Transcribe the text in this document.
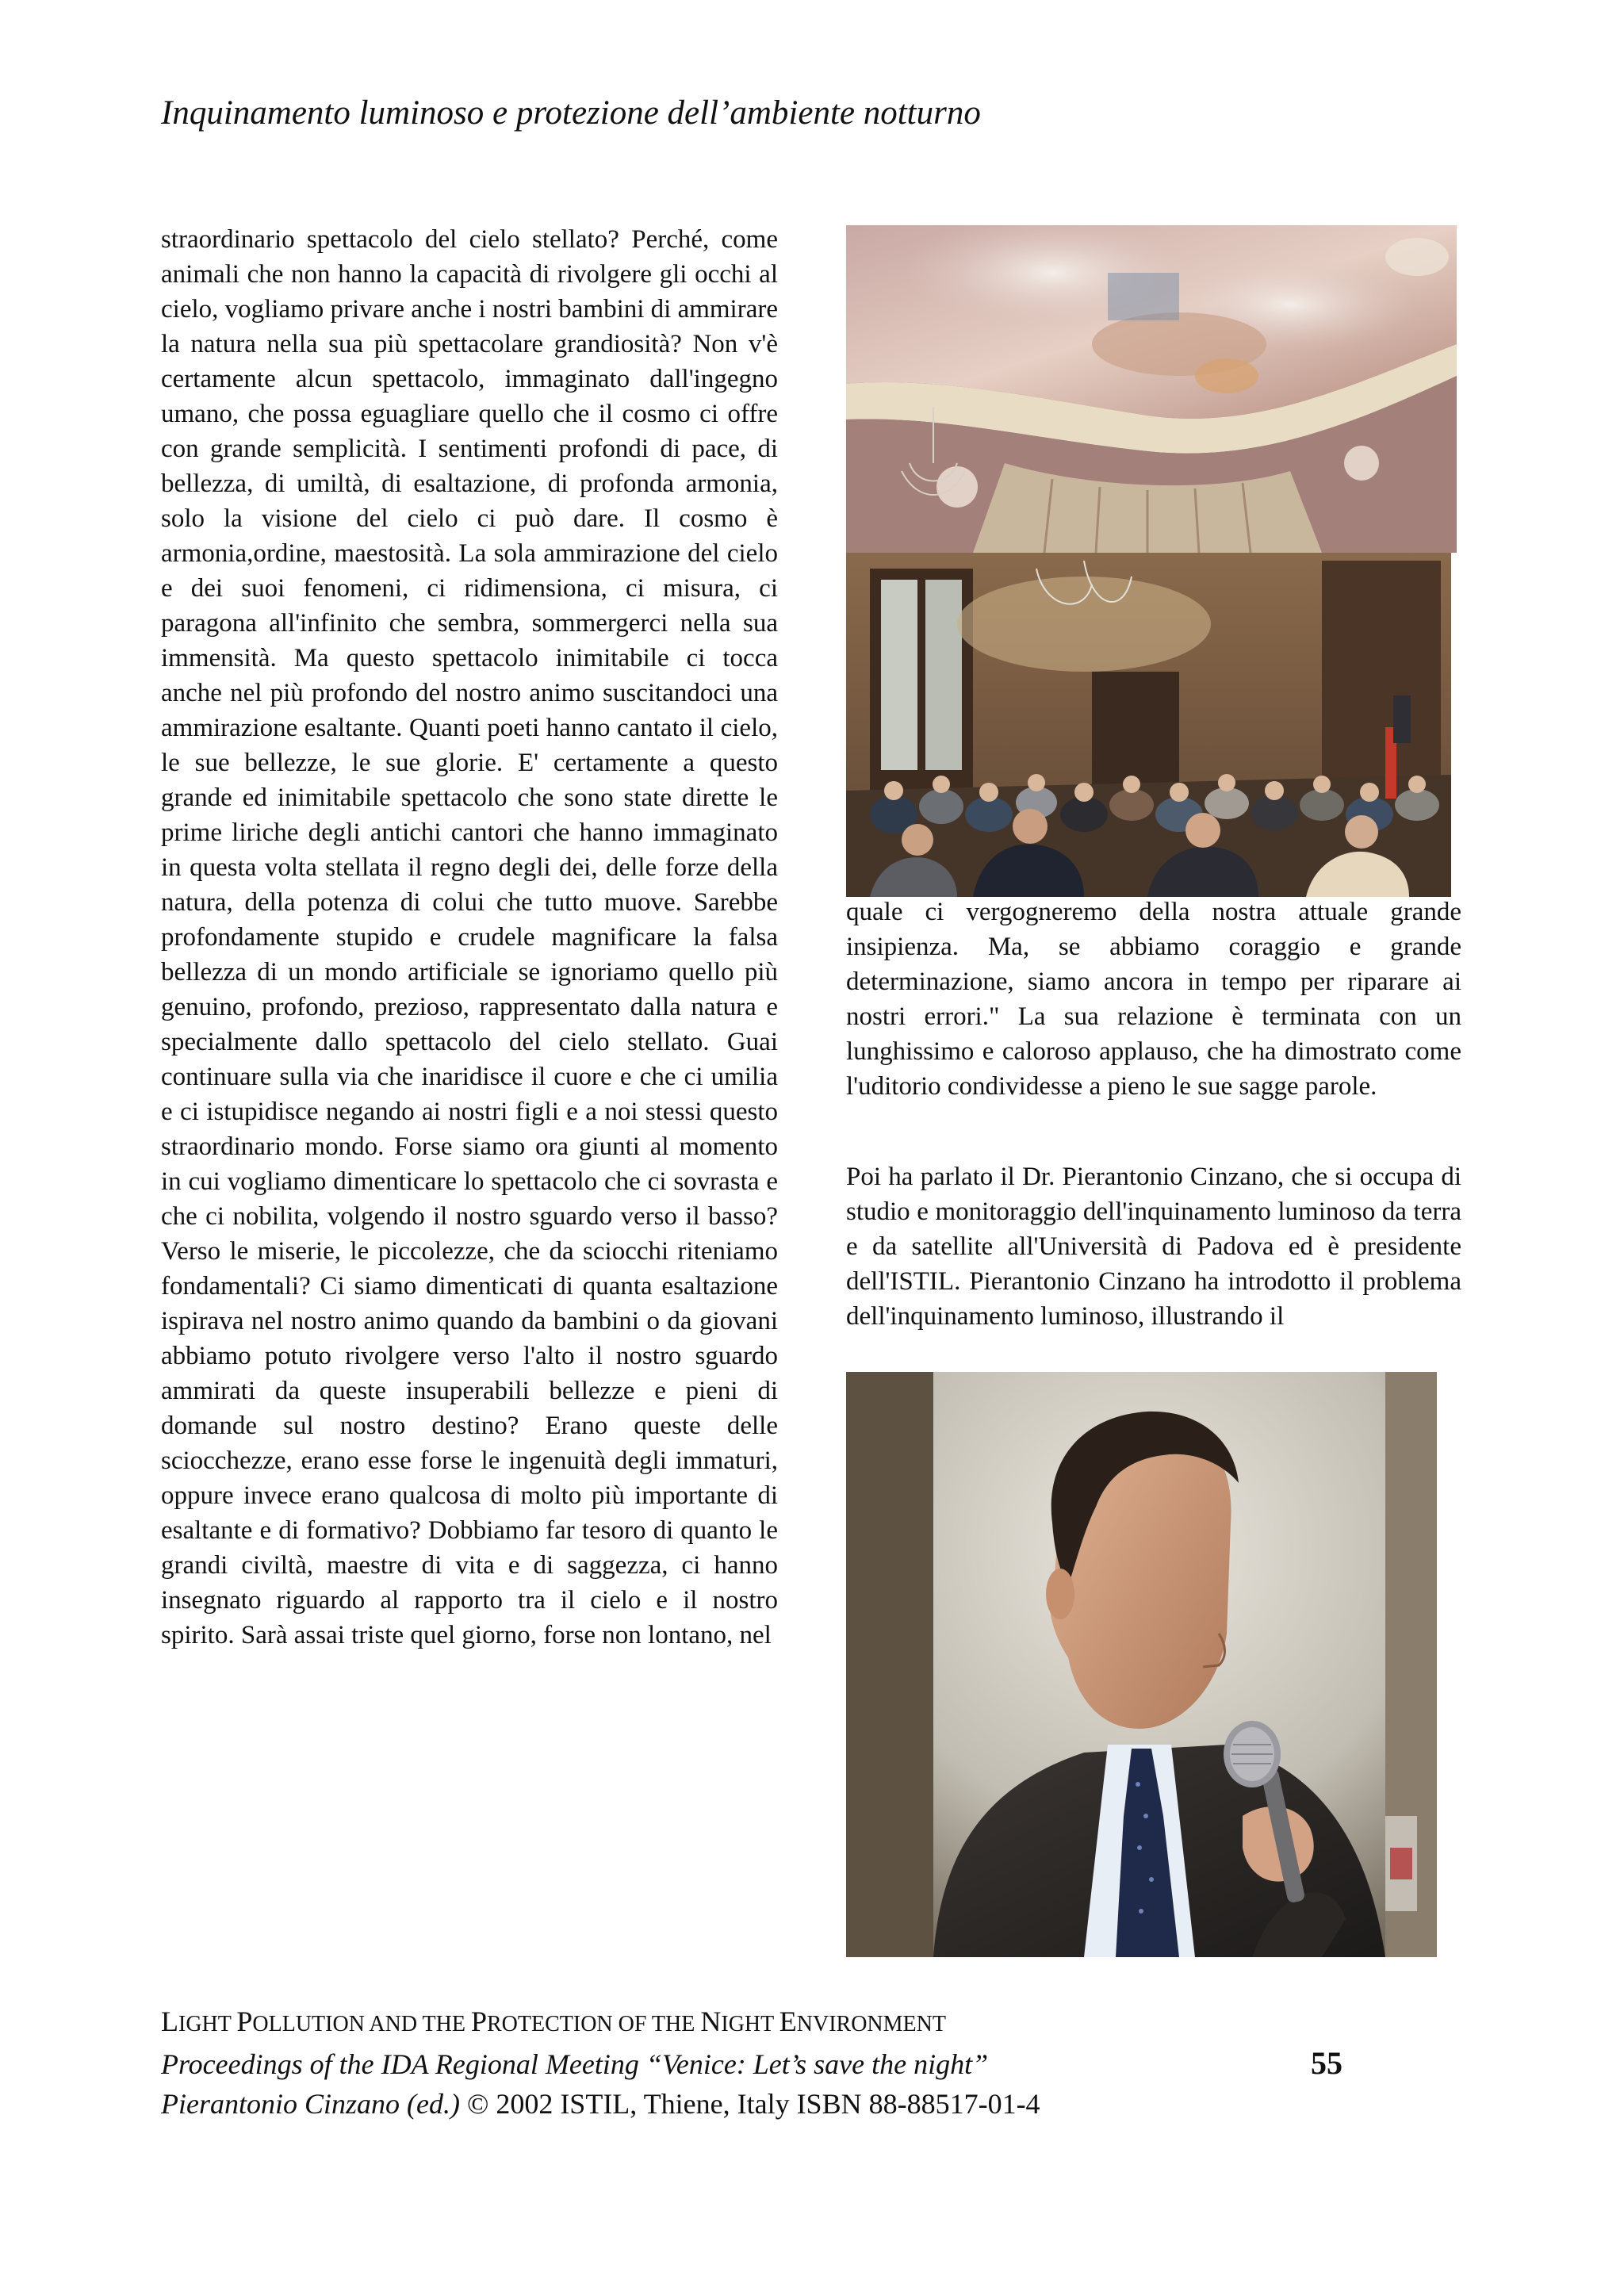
Inquinamento luminoso e protezione dell’ambiente notturno

straordinario spettacolo del cielo stellato? Perché, come animali che non hanno la capacità di rivolgere gli occhi al cielo, vogliamo privare anche i nostri bambini di ammirare la natura nella sua più spettacolare grandiosità? Non v'è certamente alcun spettacolo, immaginato dall'ingegno umano, che possa eguagliare quello che il cosmo ci offre con grande semplicità. I sentimenti profondi di pace, di bellezza, di umiltà, di esaltazione, di profonda armonia, solo la visione del cielo ci può dare. Il cosmo è armonia,ordine, maestosità. La sola ammirazione del cielo e dei suoi fenomeni, ci ridimensiona, ci misura, ci paragona all'infinito che sembra, sommergerci nella sua immensità. Ma questo spettacolo inimitabile ci tocca anche nel più profondo del nostro animo suscitandoci una ammirazione esaltante. Quanti poeti hanno cantato il cielo, le sue bellezze, le sue glorie. E' certamente a questo grande ed inimitabile spettacolo che sono state dirette le prime liriche degli antichi cantori che hanno immaginato in questa volta stellata il regno degli dei, delle forze della natura, della potenza di colui che tutto muove. Sarebbe profondamente stupido e crudele magnificare la falsa bellezza di un mondo artificiale se ignoriamo quello più genuino, profondo, prezioso, rappresentato dalla natura e specialmente dallo spettacolo del cielo stellato. Guai continuare sulla via che inaridisce il cuore e che ci umilia e ci istupidisce negando ai nostri figli e a noi stessi questo straordinario mondo. Forse siamo ora giunti al momento in cui vogliamo dimenticare lo spettacolo che ci sovrasta e che ci nobilita, volgendo il nostro sguardo verso il basso? Verso le miserie, le piccolezze, che da sciocchi riteniamo fondamentali? Ci siamo dimenticati di quanta esaltazione ispirava nel nostro animo quando da bambini o da giovani abbiamo potuto rivolgere verso l'alto il nostro sguardo ammirati da queste insuperabili bellezze e pieni di domande sul nostro destino? Erano queste delle sciocchezze, erano esse forse le ingenuità degli immaturi, oppure invece erano qualcosa di molto più importante di esaltante e di formativo? Dobbiamo far tesoro di quanto le grandi civiltà, maestre di vita e di saggezza, ci hanno insegnato riguardo al rapporto tra il cielo e il nostro spirito. Sarà assai triste quel giorno, forse non lontano, nel

quale ci vergogneremo della nostra attuale grande insipienza. Ma, se abbiamo coraggio e grande determinazione, siamo ancora in tempo per riparare ai nostri errori." La sua relazione è terminata con un lunghissimo e caloroso applauso, che ha dimostrato come l'uditorio condividesse a pieno le sue sagge parole.

Poi ha parlato il Dr. Pierantonio Cinzano, che si occupa di studio e monitoraggio dell'inquinamento luminoso da terra e da satellite all'Università di Padova ed è presidente dell'ISTIL. Pierantonio Cinzano ha introdotto il problema dell'inquinamento luminoso, illustrando il

LIGHT POLLUTION AND THE PROTECTION OF THE NIGHT ENVIRONMENT
Proceedings of the IDA Regional Meeting “Venice: Let’s save the night”
Pierantonio Cinzano (ed.) © 2002 ISTIL, Thiene, Italy ISBN 88-88517-01-4
55
